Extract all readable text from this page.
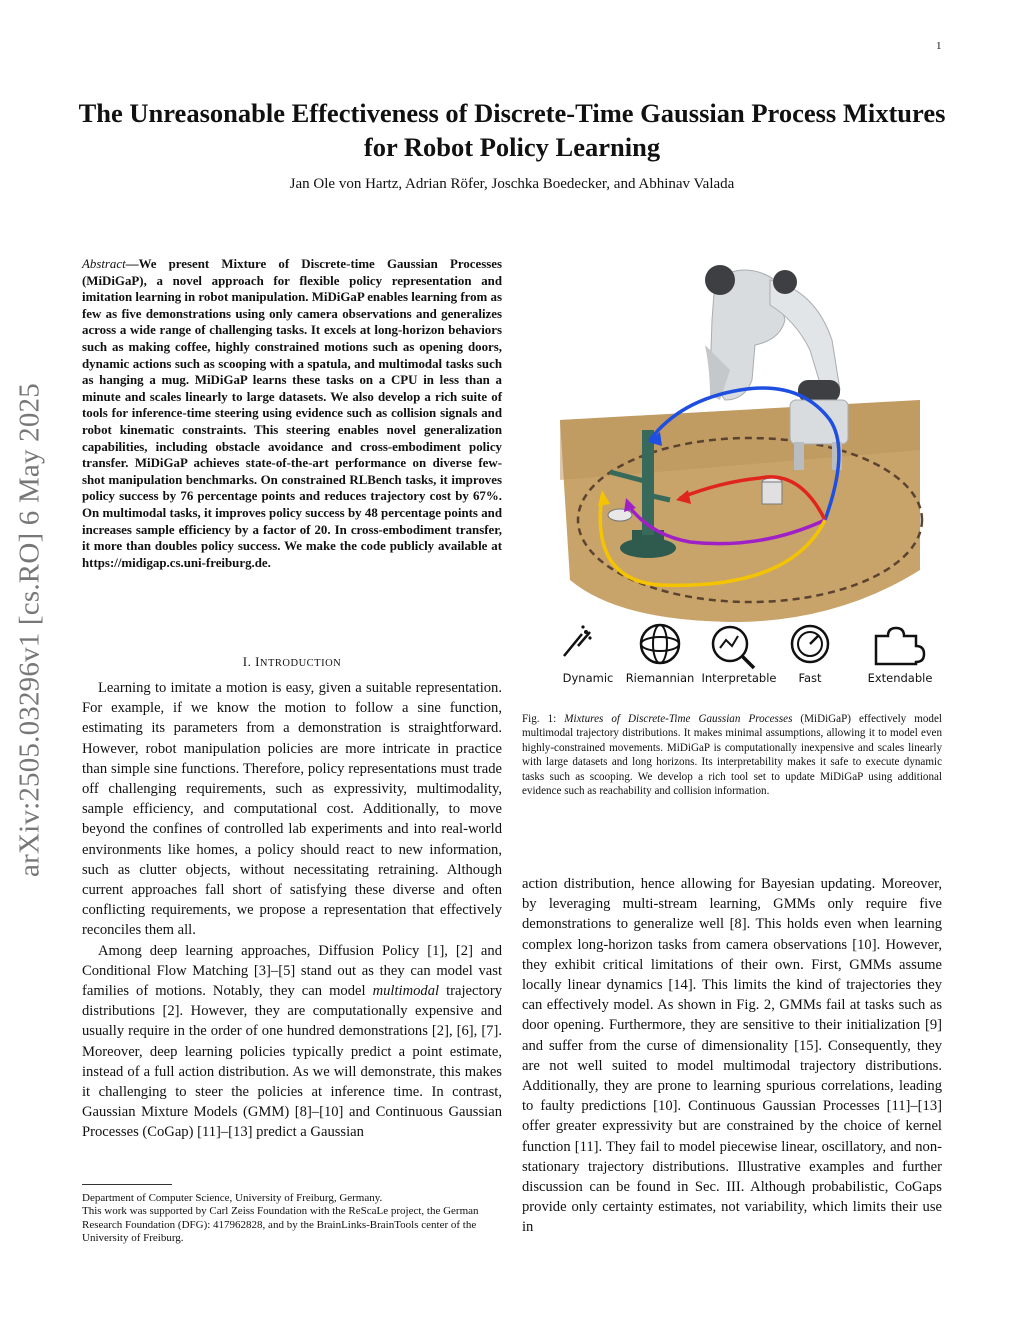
1
arXiv:2505.03296v1 [cs.RO] 6 May 2025
The Unreasonable Effectiveness of Discrete-Time Gaussian Process Mixtures for Robot Policy Learning
Jan Ole von Hartz, Adrian Röfer, Joschka Boedecker, and Abhinav Valada
Abstract—We present Mixture of Discrete-time Gaussian Processes (MiDiGaP), a novel approach for flexible policy representation and imitation learning in robot manipulation. MiDiGaP enables learning from as few as five demonstrations using only camera observations and generalizes across a wide range of challenging tasks. It excels at long-horizon behaviors such as making coffee, highly constrained motions such as opening doors, dynamic actions such as scooping with a spatula, and multimodal tasks such as hanging a mug. MiDiGaP learns these tasks on a CPU in less than a minute and scales linearly to large datasets. We also develop a rich suite of tools for inference-time steering using evidence such as collision signals and robot kinematic constraints. This steering enables novel generalization capabilities, including obstacle avoidance and cross-embodiment policy transfer. MiDiGaP achieves state-of-the-art performance on diverse few-shot manipulation benchmarks. On constrained RLBench tasks, it improves policy success by 76 percentage points and reduces trajectory cost by 67%. On multimodal tasks, it improves policy success by 48 percentage points and increases sample efficiency by a factor of 20. In cross-embodiment transfer, it more than doubles policy success. We make the code publicly available at https://midigap.cs.uni-freiburg.de.
I. INTRODUCTION

Learning to imitate a motion is easy, given a suitable representation. For example, if we know the motion to follow a sine function, estimating its parameters from a demonstration is straightforward. However, robot manipulation policies are more intricate in practice than simple sine functions. Therefore, policy representations must trade off challenging requirements, such as expressivity, multimodality, sample efficiency, and computational cost. Additionally, to move beyond the confines of controlled lab experiments and into real-world environments like homes, a policy should react to new information, such as clutter objects, without necessitating retraining. Although current approaches fall short of satisfying these diverse and often conflicting requirements, we propose a representation that effectively reconciles them all.

Among deep learning approaches, Diffusion Policy [1], [2] and Conditional Flow Matching [3]–[5] stand out as they can model vast families of motions. Notably, they can model multimodal trajectory distributions [2]. However, they are computationally expensive and usually require in the order of one hundred demonstrations [2], [6], [7]. Moreover, deep learning policies typically predict a point estimate, instead of a full action distribution. As we will demonstrate, this makes it challenging to steer the policies at inference time. In contrast, Gaussian Mixture Models (GMM) [8]–[10] and Continuous Gaussian Processes (CoGap) [11]–[13] predict a Gaussian

Department of Computer Science, University of Freiburg, Germany.
This work was supported by Carl Zeiss Foundation with the ReScaLe project, the German Research Foundation (DFG): 417962828, and by the BrainLinks-BrainTools center of the University of Freiburg.
Dynamic Riemannian Interpretable Fast	Extendable
Fig. 1: Mixtures of Discrete-Time Gaussian Processes (MiDiGaP) effectively model multimodal trajectory distributions. It makes minimal assumptions, allowing it to model even highly-constrained movements. MiDiGaP is computationally inexpensive and scales linearly with large datasets and long horizons. Its interpretability makes it safe to execute dynamic tasks such as scooping. We develop a rich tool set to update MiDiGaP using additional evidence such as reachability and collision information.

action distribution, hence allowing for Bayesian updating. Moreover, by leveraging multi-stream learning, GMMs only require five demonstrations to generalize well [8]. This holds even when learning complex long-horizon tasks from camera observations [10]. However, they exhibit critical limitations of their own. First, GMMs assume locally linear dynamics [14]. This limits the kind of trajectories they can effectively model. As shown in Fig. 2, GMMs fail at tasks such as door opening. Furthermore, they are sensitive to their initialization [9] and suffer from the curse of dimensionality [15]. Consequently, they are not well suited to model multimodal trajectory distributions. Additionally, they are prone to learning spurious correlations, leading to faulty predictions [10]. Continuous Gaussian Processes [11]–[13] offer greater expressivity but are constrained by the choice of kernel function [11]. They fail to model piecewise linear, oscillatory, and non-stationary trajectory distributions. Illustrative examples and further discussion can be found in Sec. III. Although probabilistic, CoGaps provide only certainty estimates, not variability, which limits their use in
